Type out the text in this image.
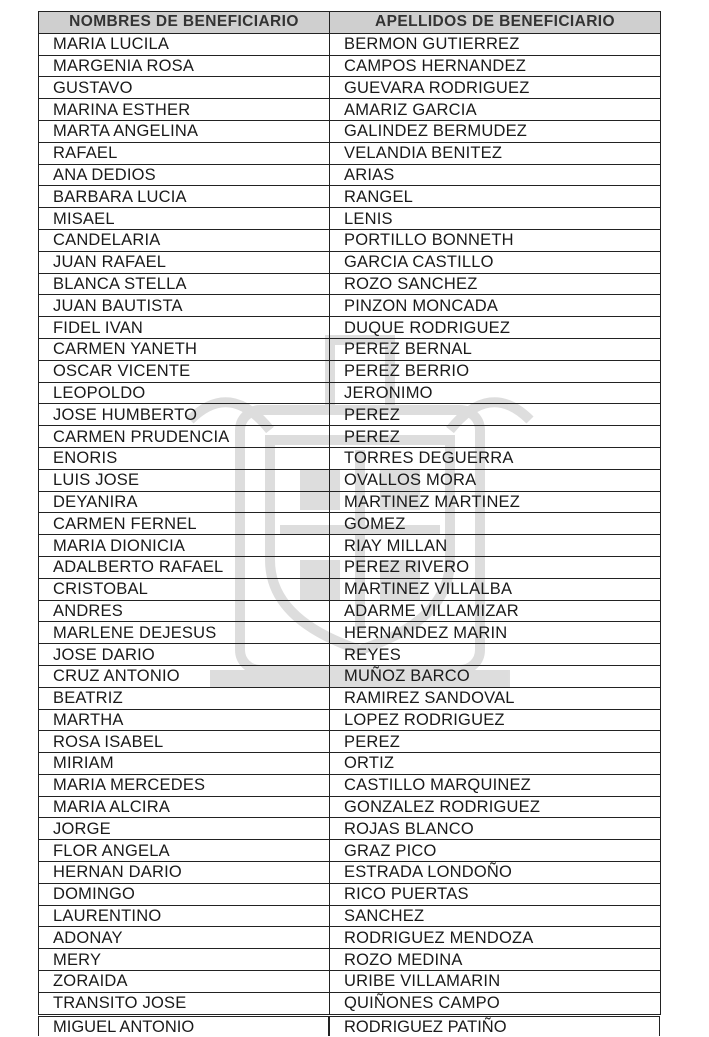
NOMBRES DE BENEFICIARIO	APELLIDOS DE BENEFICIARIO
MARIA LUCILA	BERMON GUTIERREZ
MARGENIA ROSA	CAMPOS HERNANDEZ
GUSTAVO	GUEVARA RODRIGUEZ
MARINA ESTHER	AMARIZ GARCIA
MARTA ANGELINA	GALINDEZ BERMUDEZ
RAFAEL	VELANDIA BENITEZ
ANA DEDIOS	ARIAS
BARBARA LUCIA	RANGEL
MISAEL	LENIS
CANDELARIA	PORTILLO BONNETH
JUAN RAFAEL	GARCIA CASTILLO
BLANCA STELLA	ROZO SANCHEZ
JUAN BAUTISTA	PINZON MONCADA
FIDEL IVAN	DUQUE RODRIGUEZ
CARMEN YANETH	PEREZ BERNAL
OSCAR VICENTE	PEREZ BERRIO
LEOPOLDO	JERONIMO
JOSE HUMBERTO	PEREZ
CARMEN PRUDENCIA	PEREZ
ENORIS	TORRES DEGUERRA
LUIS JOSE	OVALLOS MORA
DEYANIRA	MARTINEZ MARTINEZ
CARMEN FERNEL	GOMEZ
MARIA DIONICIA	RIAY MILLAN
ADALBERTO RAFAEL	PEREZ RIVERO
CRISTOBAL	MARTINEZ VILLALBA
ANDRES	ADARME VILLAMIZAR
MARLENE DEJESUS	HERNANDEZ MARIN
JOSE DARIO	REYES
CRUZ ANTONIO	MUÑOZ BARCO
BEATRIZ	RAMIREZ SANDOVAL
MARTHA	LOPEZ RODRIGUEZ
ROSA ISABEL	PEREZ
MIRIAM	ORTIZ
MARIA MERCEDES	CASTILLO MARQUINEZ
MARIA ALCIRA	GONZALEZ RODRIGUEZ
JORGE	ROJAS BLANCO
FLOR ANGELA	GRAZ PICO
HERNAN DARIO	ESTRADA LONDOÑO
DOMINGO	RICO PUERTAS
LAURENTINO	SANCHEZ
ADONAY	RODRIGUEZ MENDOZA
MERY	ROZO MEDINA
ZORAIDA	URIBE VILLAMARIN
TRANSITO JOSE	QUIÑONES CAMPO
MIGUEL ANTONIO	RODRIGUEZ PATIÑO
